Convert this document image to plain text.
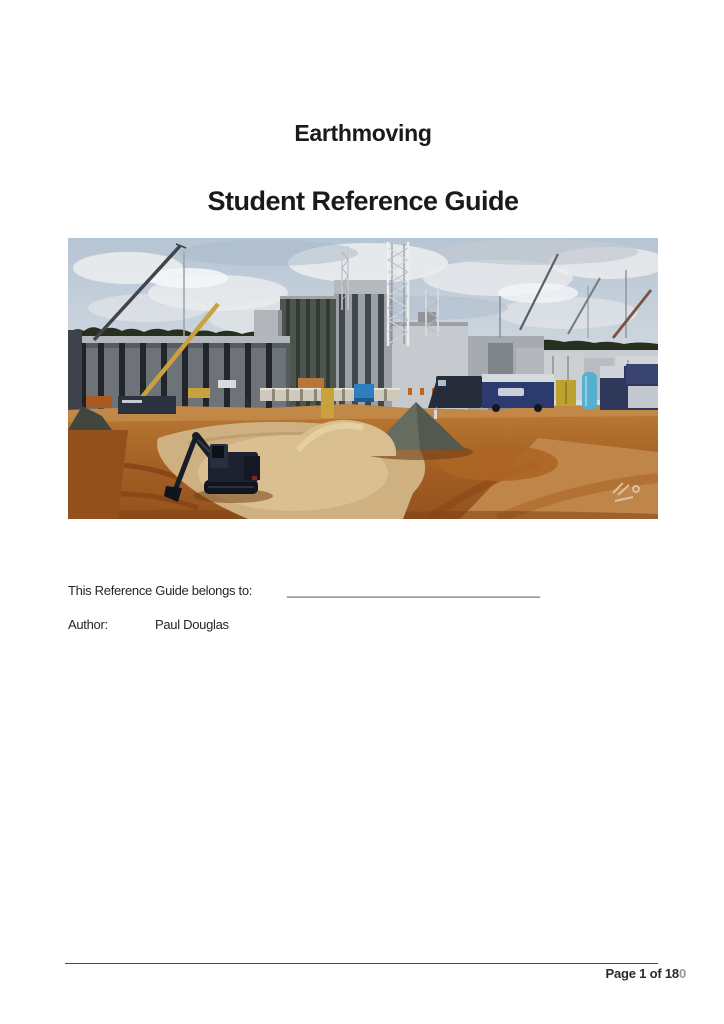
Earthmoving
Student Reference Guide
This Reference Guide belongs to:	___________________________________
Author:	Paul Douglas
Page 1 of 180
